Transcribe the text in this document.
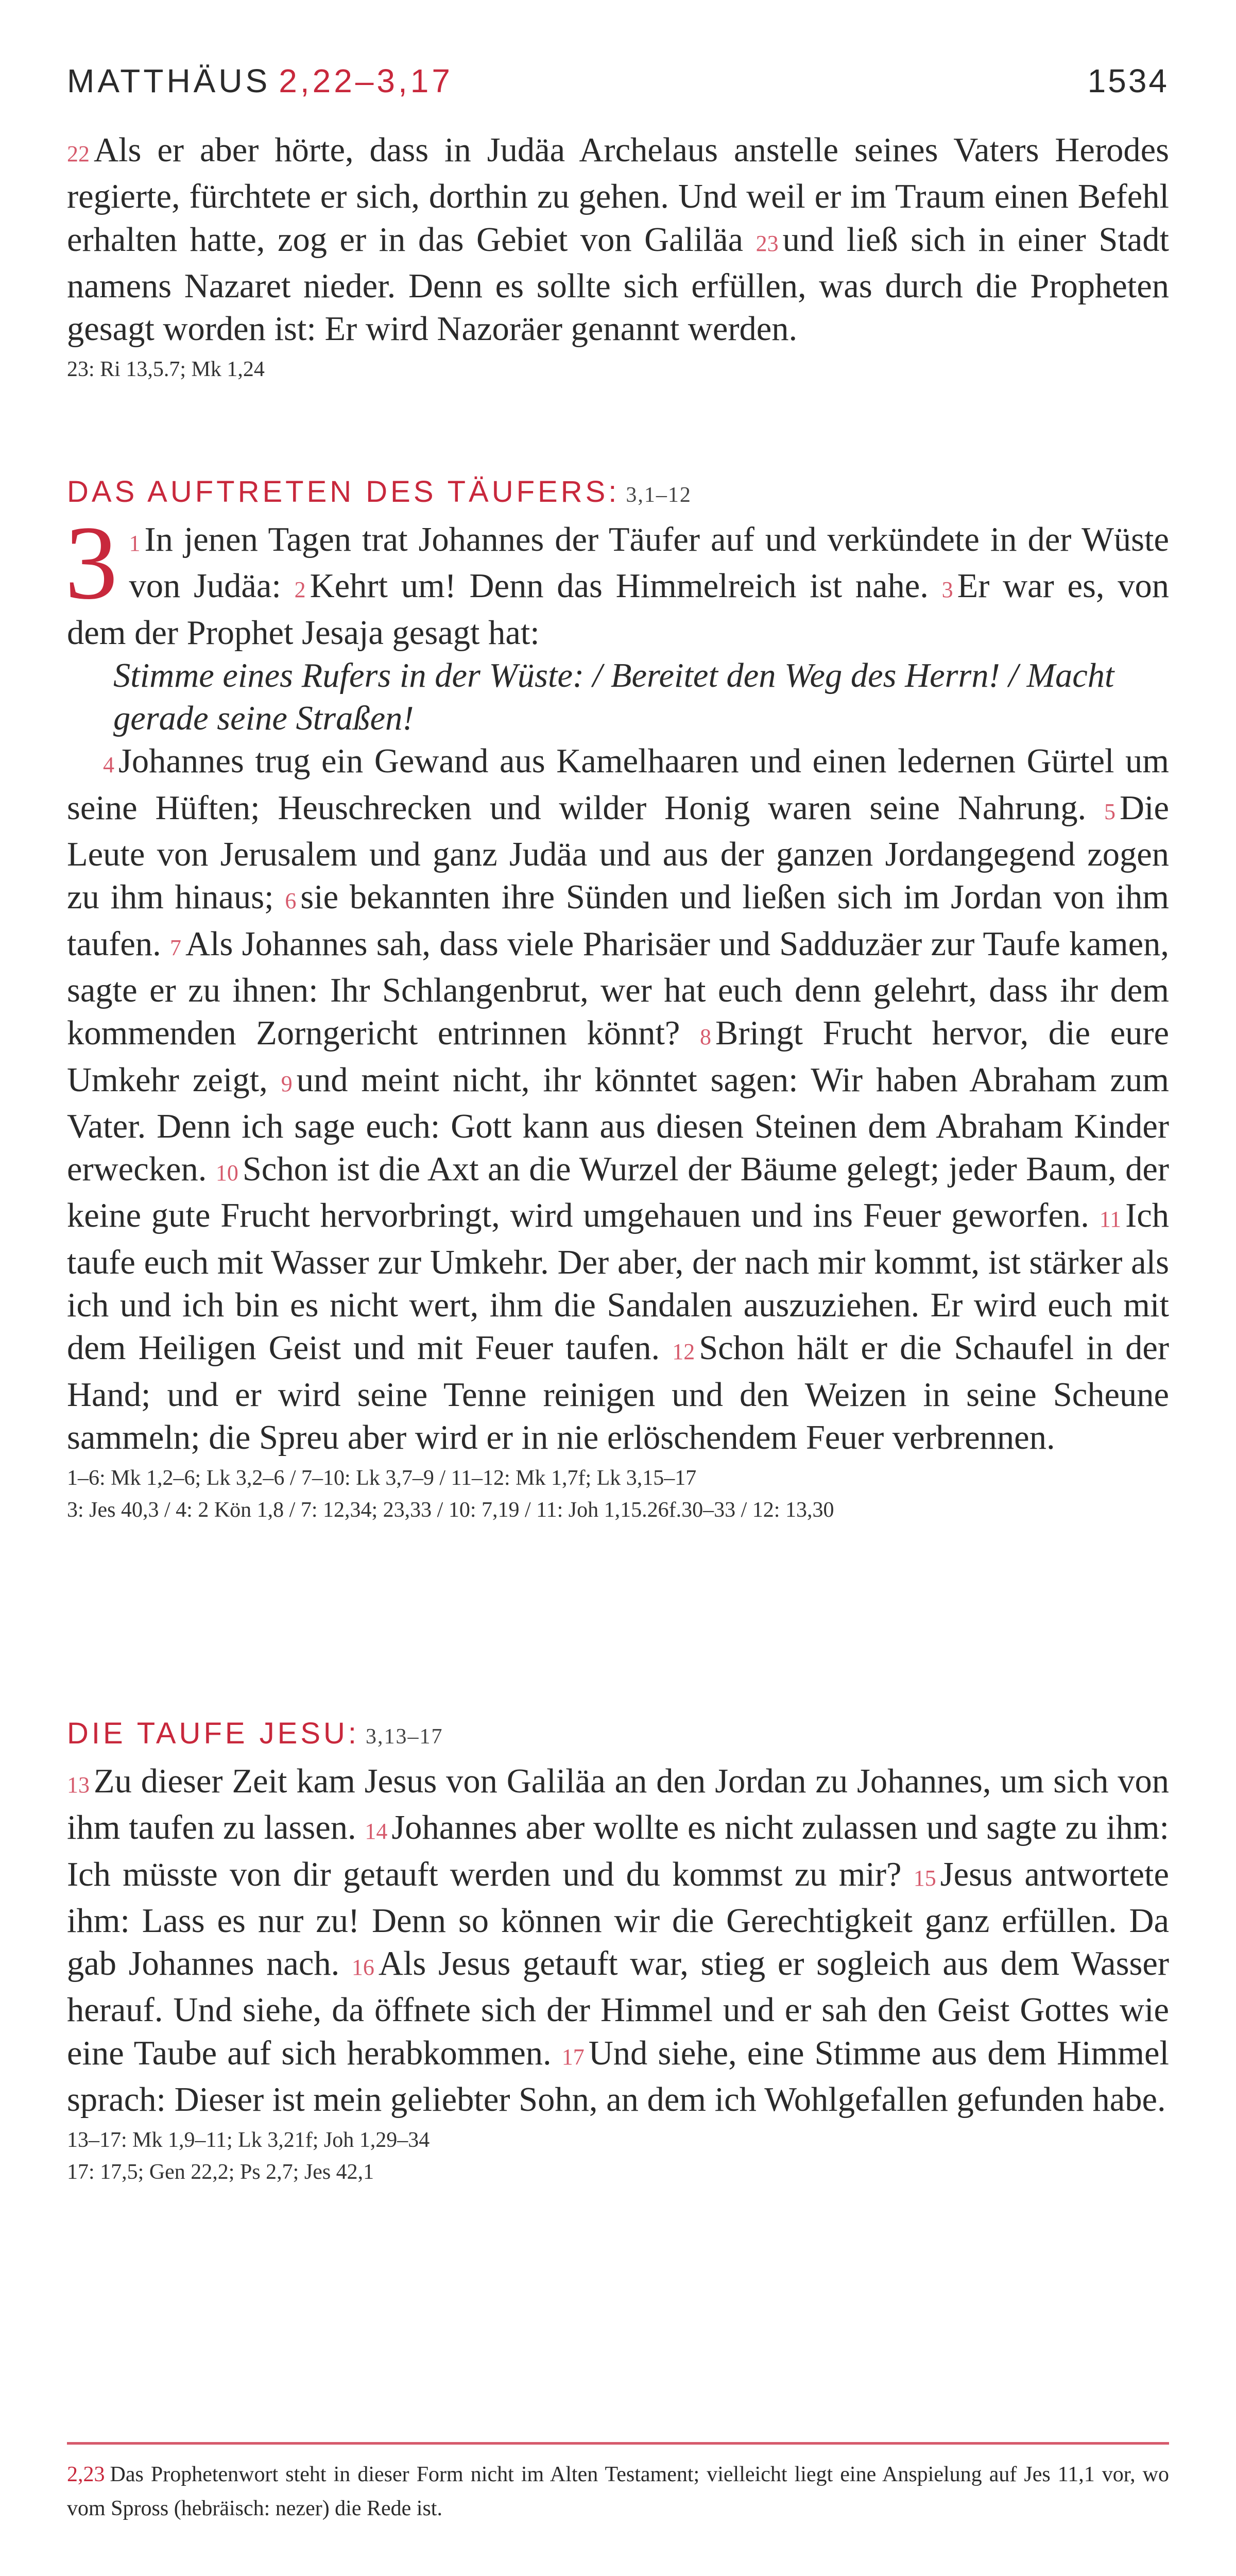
MATTHÄUS 2,22–3,17	1534

22 Als er aber hörte, dass in Judäa Archelaus anstelle seines Vaters Herodes regierte, fürchtete er sich, dorthin zu gehen. Und weil er im Traum einen Befehl erhalten hatte, zog er in das Gebiet von Galiläa 23 und ließ sich in einer Stadt namens Nazaret nieder. Denn es sollte sich erfüllen, was durch die Propheten gesagt worden ist: Er wird Nazoräer genannt werden.

23: Ri 13,5.7; Mk 1,24

DAS AUFTRETEN DES TÄUFERS: 3,1–12

3 1 In jenen Tagen trat Johannes der Täufer auf und verkündete in der Wüste von Judäa: 2 Kehrt um! Denn das Himmelreich ist nahe. 3 Er war es, von dem der Prophet Jesaja gesagt hat:

Stimme eines Rufers in der Wüste: / Bereitet den Weg des Herrn! / Macht gerade seine Straßen!

4 Johannes trug ein Gewand aus Kamelhaaren und einen ledernen Gürtel um seine Hüften; Heuschrecken und wilder Honig waren seine Nahrung. 5 Die Leute von Jerusalem und ganz Judäa und aus der ganzen Jordangegend zogen zu ihm hinaus; 6 sie bekannten ihre Sünden und ließen sich im Jordan von ihm taufen. 7 Als Johannes sah, dass viele Pharisäer und Sadduzäer zur Taufe kamen, sagte er zu ihnen: Ihr Schlangenbrut, wer hat euch denn gelehrt, dass ihr dem kommenden Zorngericht entrinnen könnt? 8 Bringt Frucht hervor, die eure Umkehr zeigt, 9 und meint nicht, ihr könntet sagen: Wir haben Abraham zum Vater. Denn ich sage euch: Gott kann aus diesen Steinen dem Abraham Kinder erwecken. 10 Schon ist die Axt an die Wurzel der Bäume gelegt; jeder Baum, der keine gute Frucht hervorbringt, wird umgehauen und ins Feuer geworfen. 11 Ich taufe euch mit Wasser zur Umkehr. Der aber, der nach mir kommt, ist stärker als ich und ich bin es nicht wert, ihm die Sandalen auszuziehen. Er wird euch mit dem Heiligen Geist und mit Feuer taufen. 12 Schon hält er die Schaufel in der Hand; und er wird seine Tenne reinigen und den Weizen in seine Scheune sammeln; die Spreu aber wird er in nie erlöschendem Feuer verbrennen.

1–6: Mk 1,2–6; Lk 3,2–6 / 7–10: Lk 3,7–9 / 11–12: Mk 1,7f; Lk 3,15–17

3: Jes 40,3 / 4: 2 Kön 1,8 / 7: 12,34; 23,33 / 10: 7,19 / 11: Joh 1,15.26f.30–33 / 12: 13,30

DIE TAUFE JESU: 3,13–17

13 Zu dieser Zeit kam Jesus von Galiläa an den Jordan zu Johannes, um sich von ihm taufen zu lassen. 14 Johannes aber wollte es nicht zulassen und sagte zu ihm: Ich müsste von dir getauft werden und du kommst zu mir? 15 Jesus antwortete ihm: Lass es nur zu! Denn so können wir die Gerechtigkeit ganz erfüllen. Da gab Johannes nach. 16 Als Jesus getauft war, stieg er sogleich aus dem Wasser herauf. Und siehe, da öffnete sich der Himmel und er sah den Geist Gottes wie eine Taube auf sich herabkommen. 17 Und siehe, eine Stimme aus dem Himmel sprach: Dieser ist mein geliebter Sohn, an dem ich Wohlgefallen gefunden habe.

13–17: Mk 1,9–11; Lk 3,21f; Joh 1,29–34

17: 17,5; Gen 22,2; Ps 2,7; Jes 42,1

2,23 Das Prophetenwort steht in dieser Form nicht im Alten Testament; vielleicht liegt eine Anspielung auf Jes 11,1 vor, wo vom Spross (hebräisch: nezer) die Rede ist.
